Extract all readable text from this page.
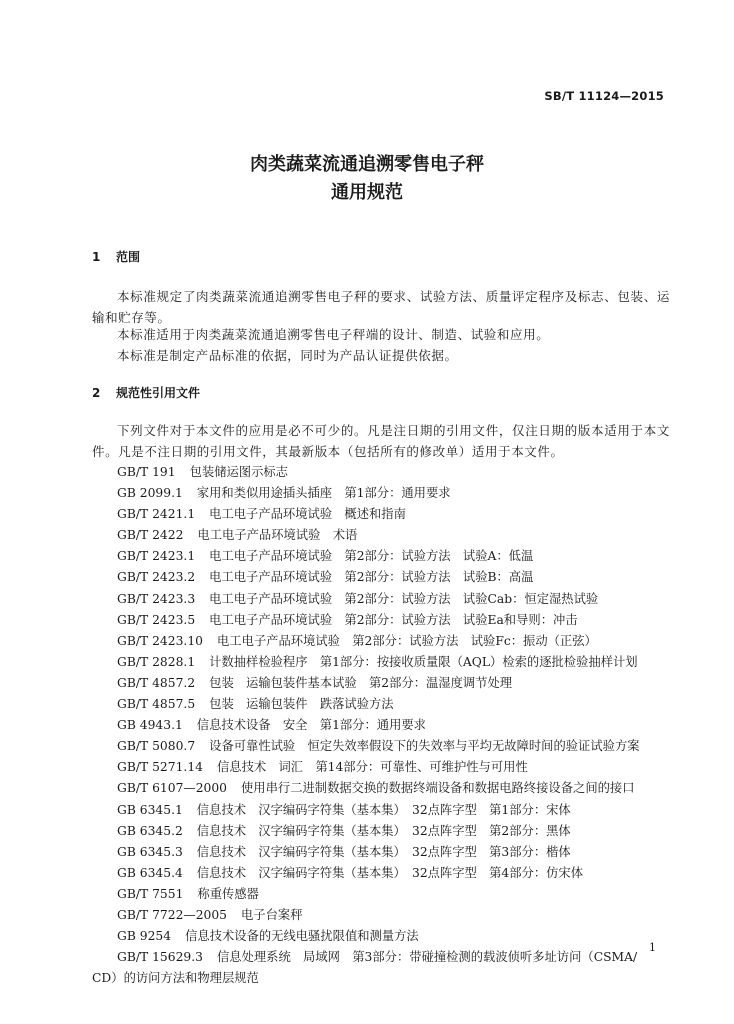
SB/T 11124—2015
肉类蔬菜流通追溯零售电子秤
通用规范
1 范围
本标准规定了肉类蔬菜流通追溯零售电子秤的要求、试验方法、质量评定程序及标志、包装、运输和贮存等。
本标准适用于肉类蔬菜流通追溯零售电子秤端的设计、制造、试验和应用。
本标准是制定产品标准的依据，同时为产品认证提供依据。
2 规范性引用文件
下列文件对于本文件的应用是必不可少的。凡是注日期的引用文件，仅注日期的版本适用于本文件。凡是不注日期的引用文件，其最新版本（包括所有的修改单）适用于本文件。
GB/T 191 包装储运图示标志
GB 2099.1 家用和类似用途插头插座　第1部分：通用要求
GB/T 2421.1 电工电子产品环境试验　概述和指南
GB/T 2422 电工电子产品环境试验　术语
GB/T 2423.1 电工电子产品环境试验　第2部分：试验方法　试验A：低温
GB/T 2423.2 电工电子产品环境试验　第2部分：试验方法　试验B：高温
GB/T 2423.3 电工电子产品环境试验　第2部分：试验方法　试验Cab：恒定湿热试验
GB/T 2423.5 电工电子产品环境试验　第2部分：试验方法　试验Ea和导则：冲击
GB/T 2423.10 电工电子产品环境试验　第2部分：试验方法　试验Fc：振动（正弦）
GB/T 2828.1 计数抽样检验程序　第1部分：按接收质量限（AQL）检索的逐批检验抽样计划
GB/T 4857.2 包装　运输包装件基本试验　第2部分：温湿度调节处理
GB/T 4857.5 包装　运输包装件　跌落试验方法
GB 4943.1 信息技术设备　安全　第1部分：通用要求
GB/T 5080.7 设备可靠性试验　恒定失效率假设下的失效率与平均无故障时间的验证试验方案
GB/T 5271.14 信息技术　词汇　第14部分：可靠性、可维护性与可用性
GB/T 6107—2000 使用串行二进制数据交换的数据终端设备和数据电路终接设备之间的接口
GB 6345.1 信息技术　汉字编码字符集（基本集）　32点阵字型　第1部分：宋体
GB 6345.2 信息技术　汉字编码字符集（基本集）　32点阵字型　第2部分：黑体
GB 6345.3 信息技术　汉字编码字符集（基本集）　32点阵字型　第3部分：楷体
GB 6345.4 信息技术　汉字编码字符集（基本集）　32点阵字型　第4部分：仿宋体
GB/T 7551 称重传感器
GB/T 7722—2005 电子台案秤
GB 9254 信息技术设备的无线电骚扰限值和测量方法
GB/T 15629.3 信息处理系统　局域网　第3部分：带碰撞检测的载波侦听多址访问（CSMA/
CD）的访问方法和物理层规范
1
